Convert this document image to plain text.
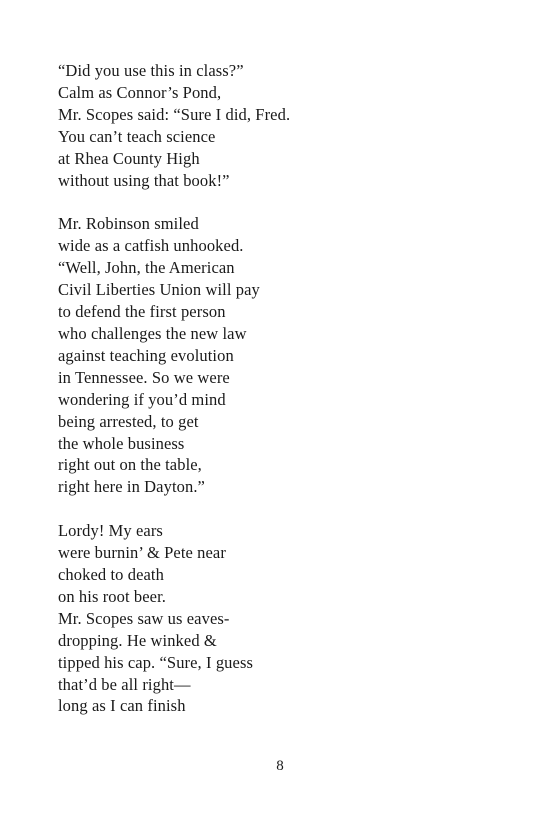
“Did you use this in class?”
Calm as Connor’s Pond,
Mr. Scopes said: “Sure I did, Fred.
You can’t teach science
at Rhea County High
without using that book!”
Mr. Robinson smiled
wide as a catfish unhooked.
“Well, John, the American
Civil Liberties Union will pay
to defend the first person
who challenges the new law
against teaching evolution
in Tennessee. So we were
wondering if you’d mind
being arrested, to get
the whole business
right out on the table,
right here in Dayton.”
Lordy! My ears
were burnin’ & Pete near
choked to death
on his root beer.
Mr. Scopes saw us eaves-
dropping. He winked &
tipped his cap. “Sure, I guess
that’d be all right—
long as I can finish
8
